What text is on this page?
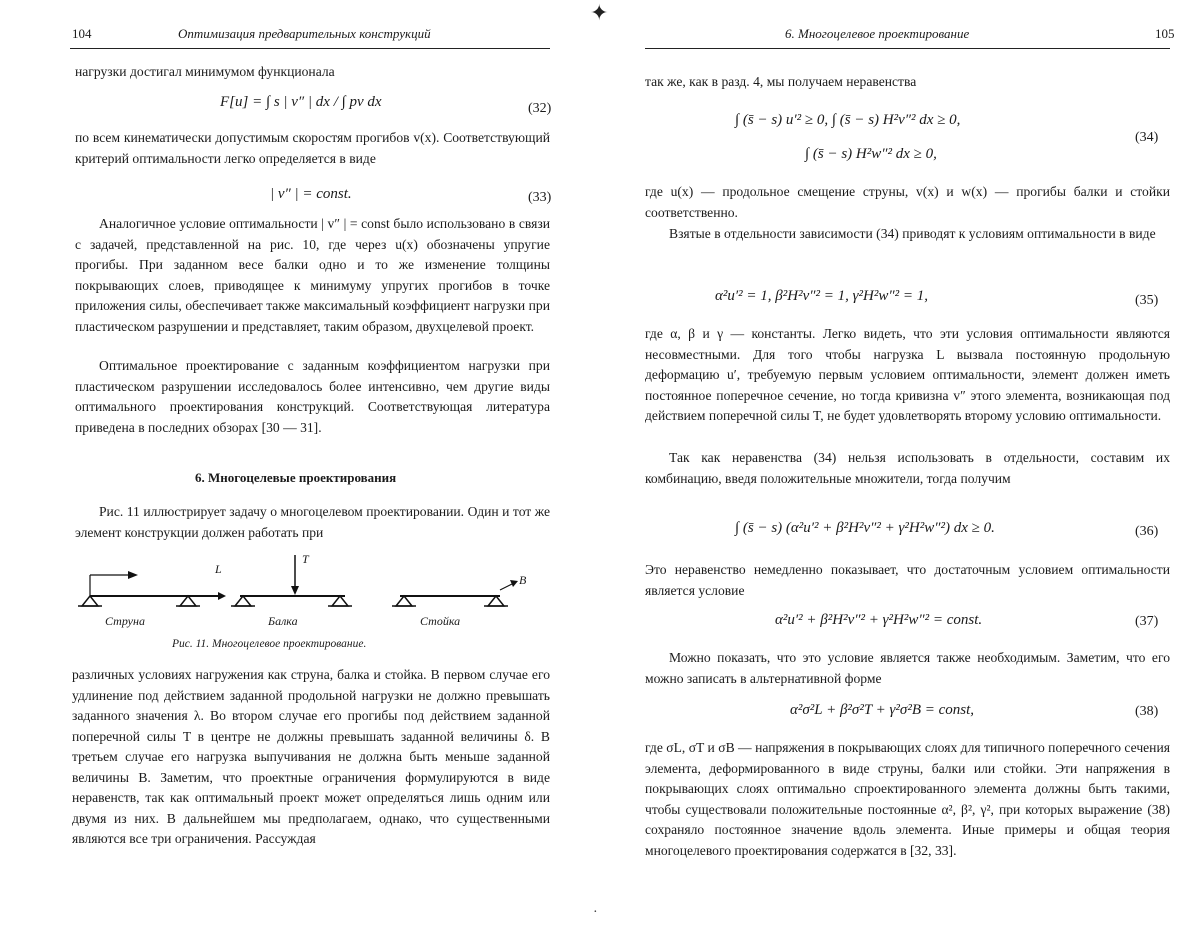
104	Оптимизация предварительных конструкций
нагрузки достигал минимумом функционала
F[u] = ∫ s | v″ | dx / ∫ pv dx	(32)
по всем кинематически допустимым скоростям прогибов v(x). Соответствующий критерий оптимальности легко определяется в виде
| v″ | = const.	(33)
Аналогичное условие оптимальности | v″ | = const было использовано в связи с задачей, представленной на рис. 10, где через u(x) обозначены упругие прогибы. При заданном весе балки одно и то же изменение толщины покрывающих слоев, приводящее к минимуму упругих прогибов в точке приложения силы, обеспечивает также максимальный коэффициент нагрузки при пластическом разрушении и представляет, таким образом, двухцелевой проект.
Оптимальное проектирование с заданным коэффициентом нагрузки при пластическом разрушении исследовалось более интенсивно, чем другие виды оптимального проектирования конструкций. Соответствующая литература приведена в последних обзорах [30 — 31].
6. Многоцелевые проектирования
Рис. 11 иллюстрирует задачу о многоцелевом проектировании. Один и тот же элемент конструкции должен работать при
L
T
B
Струна	Балка	Стойка
Рис. 11. Многоцелевое проектирование.
различных условиях нагружения как струна, балка и стойка. В первом случае его удлинение под действием заданной продольной нагрузки не должно превышать заданного значения λ. Во втором случае его прогибы под действием заданной поперечной силы T в центре не должны превышать заданной величины δ. В третьем случае его нагрузка выпучивания не должна быть меньше заданной величины B. Заметим, что проектные ограничения формулируются в виде неравенств, так как оптимальный проект может определяться лишь одним или двумя из них. В дальнейшем мы предполагаем, однако, что существенными являются все три ограничения. Рассуждая
6. Многоцелевое проектирование	105
так же, как в разд. 4, мы получаем неравенства
∫ (s̄ − s) u′² ≥ 0, ∫ (s̄ − s) H²v″² dx ≥ 0,
∫ (s̄ − s) H²w″² dx ≥ 0,
(34)
где u(x) — продольное смещение струны, v(x) и w(x) — прогибы балки и стойки соответственно.
Взятые в отдельности зависимости (34) приводят к условиям оптимальности в виде
α²u′² = 1, β²H²v″² = 1, γ²H²w″² = 1,	(35)
где α, β и γ — константы. Легко видеть, что эти условия оптимальности являются несовместными. Для того чтобы нагрузка L вызвала постоянную продольную деформацию u′, требуемую первым условием оптимальности, элемент должен иметь постоянное поперечное сечение, но тогда кривизна v″ этого элемента, возникающая под действием поперечной силы T, не будет удовлетворять второму условию оптимальности.
Так как неравенства (34) нельзя использовать в отдельности, составим их комбинацию, введя положительные множители, тогда получим
∫ (s̄ − s) (α²u′² + β²H²v″² + γ²H²w″²) dx ≥ 0.	(36)
Это неравенство немедленно показывает, что достаточным условием оптимальности является условие
α²u′² + β²H²v″² + γ²H²w″² = const.	(37)
Можно показать, что это условие является также необходимым. Заметим, что его можно записать в альтернативной форме
α²σ²L + β²σ²T + γ²σ²B = const,	(38)
где σL, σT и σB — напряжения в покрывающих слоях для типичного поперечного сечения элемента, деформированного в виде струны, балки или стойки. Эти напряжения в покрывающих слоях оптимально спроектированного элемента должны быть такими, чтобы существовали положительные постоянные α², β², γ², при которых выражение (38) сохраняло постоянное значение вдоль элемента. Иные примеры и общая теория многоцелевого проектирования содержатся в [32, 33].
✦
·
